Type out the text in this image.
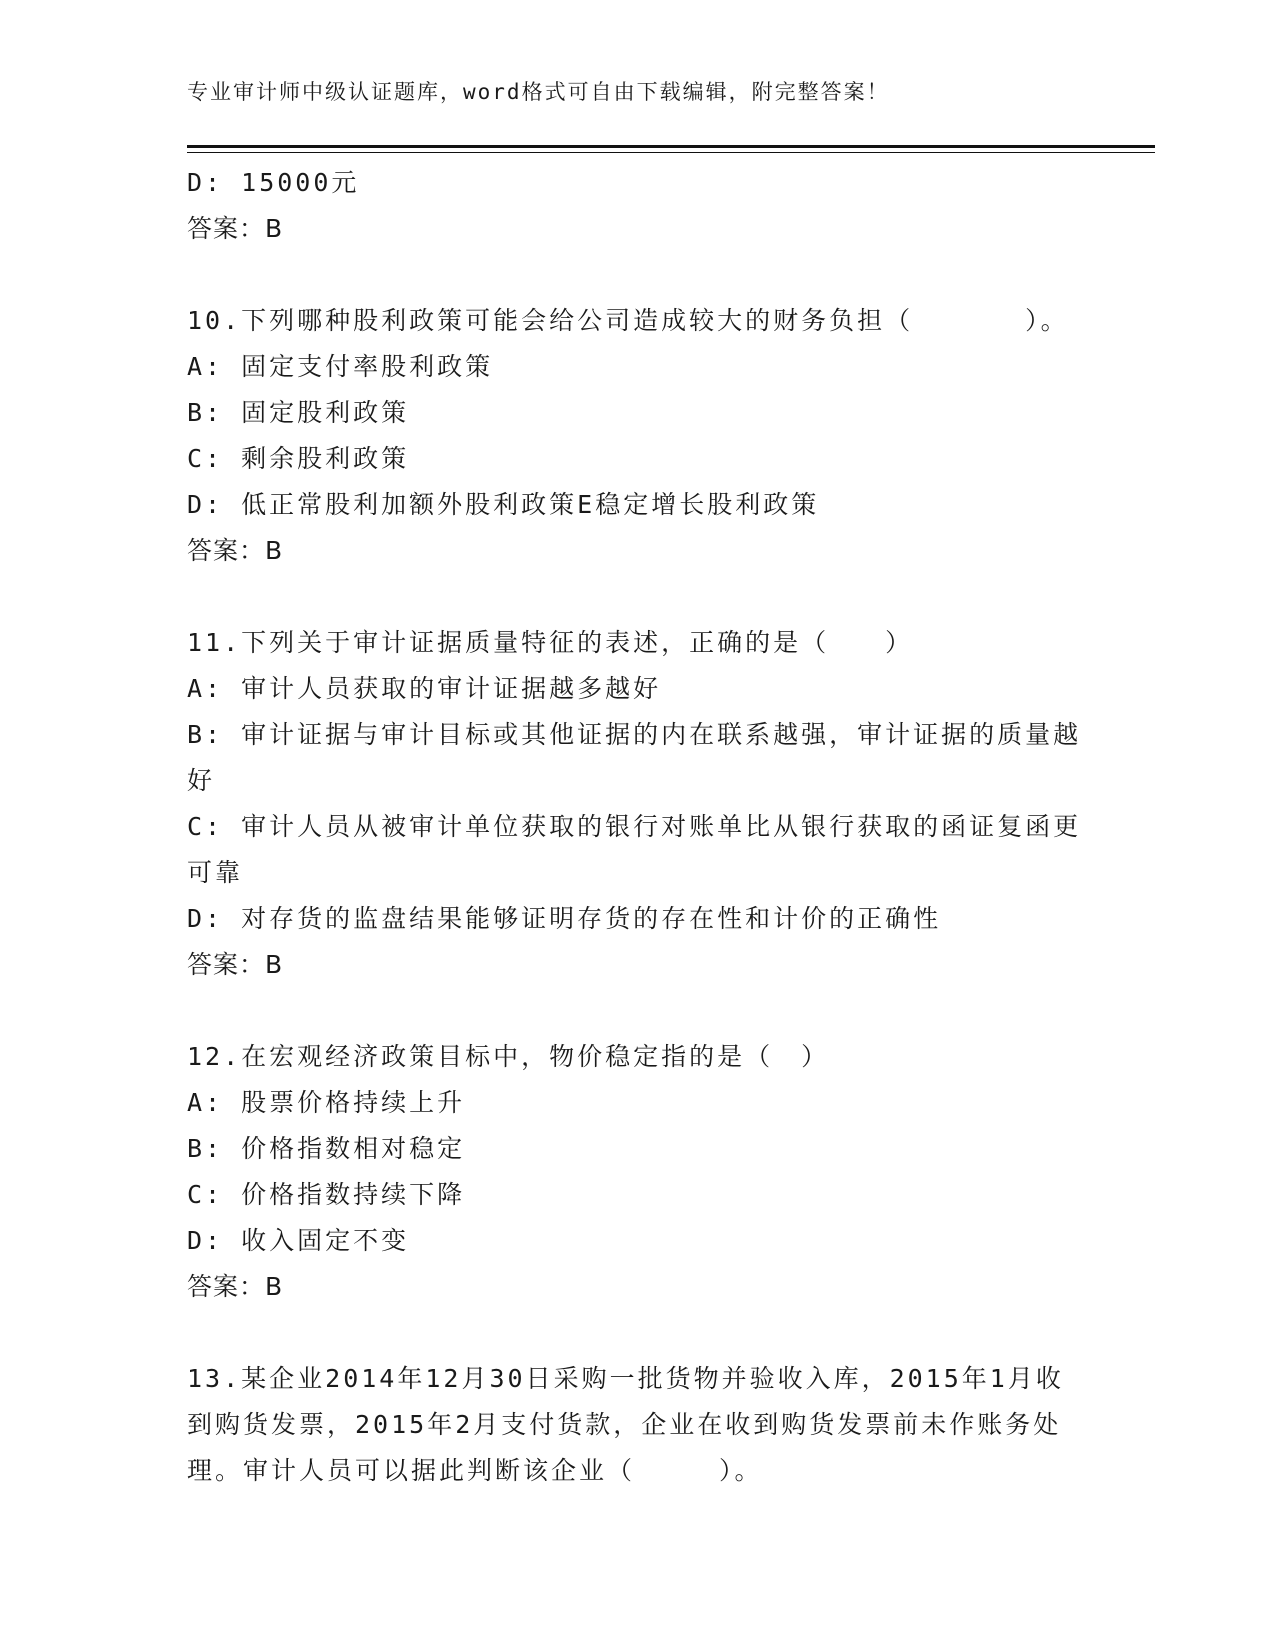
专业审计师中级认证题库，word格式可自由下载编辑，附完整答案！
D: 15000元
答案：B
10.下列哪种股利政策可能会给公司造成较大的财务负担（　　　　）。
A: 固定支付率股利政策
B: 固定股利政策
C: 剩余股利政策
D: 低正常股利加额外股利政策E稳定增长股利政策
答案：B
11.下列关于审计证据质量特征的表述，正确的是（　　）
A: 审计人员获取的审计证据越多越好
B: 审计证据与审计目标或其他证据的内在联系越强，审计证据的质量越好
C: 审计人员从被审计单位获取的银行对账单比从银行获取的函证复函更可靠
D: 对存货的监盘结果能够证明存货的存在性和计价的正确性
答案：B
12.在宏观经济政策目标中，物价稳定指的是（　）
A: 股票价格持续上升
B: 价格指数相对稳定
C: 价格指数持续下降
D: 收入固定不变
答案：B
13.某企业2014年12月30日采购一批货物并验收入库，2015年1月收到购货发票，2015年2月支付货款，企业在收到购货发票前未作账务处理。审计人员可以据此判断该企业（　　　）。
